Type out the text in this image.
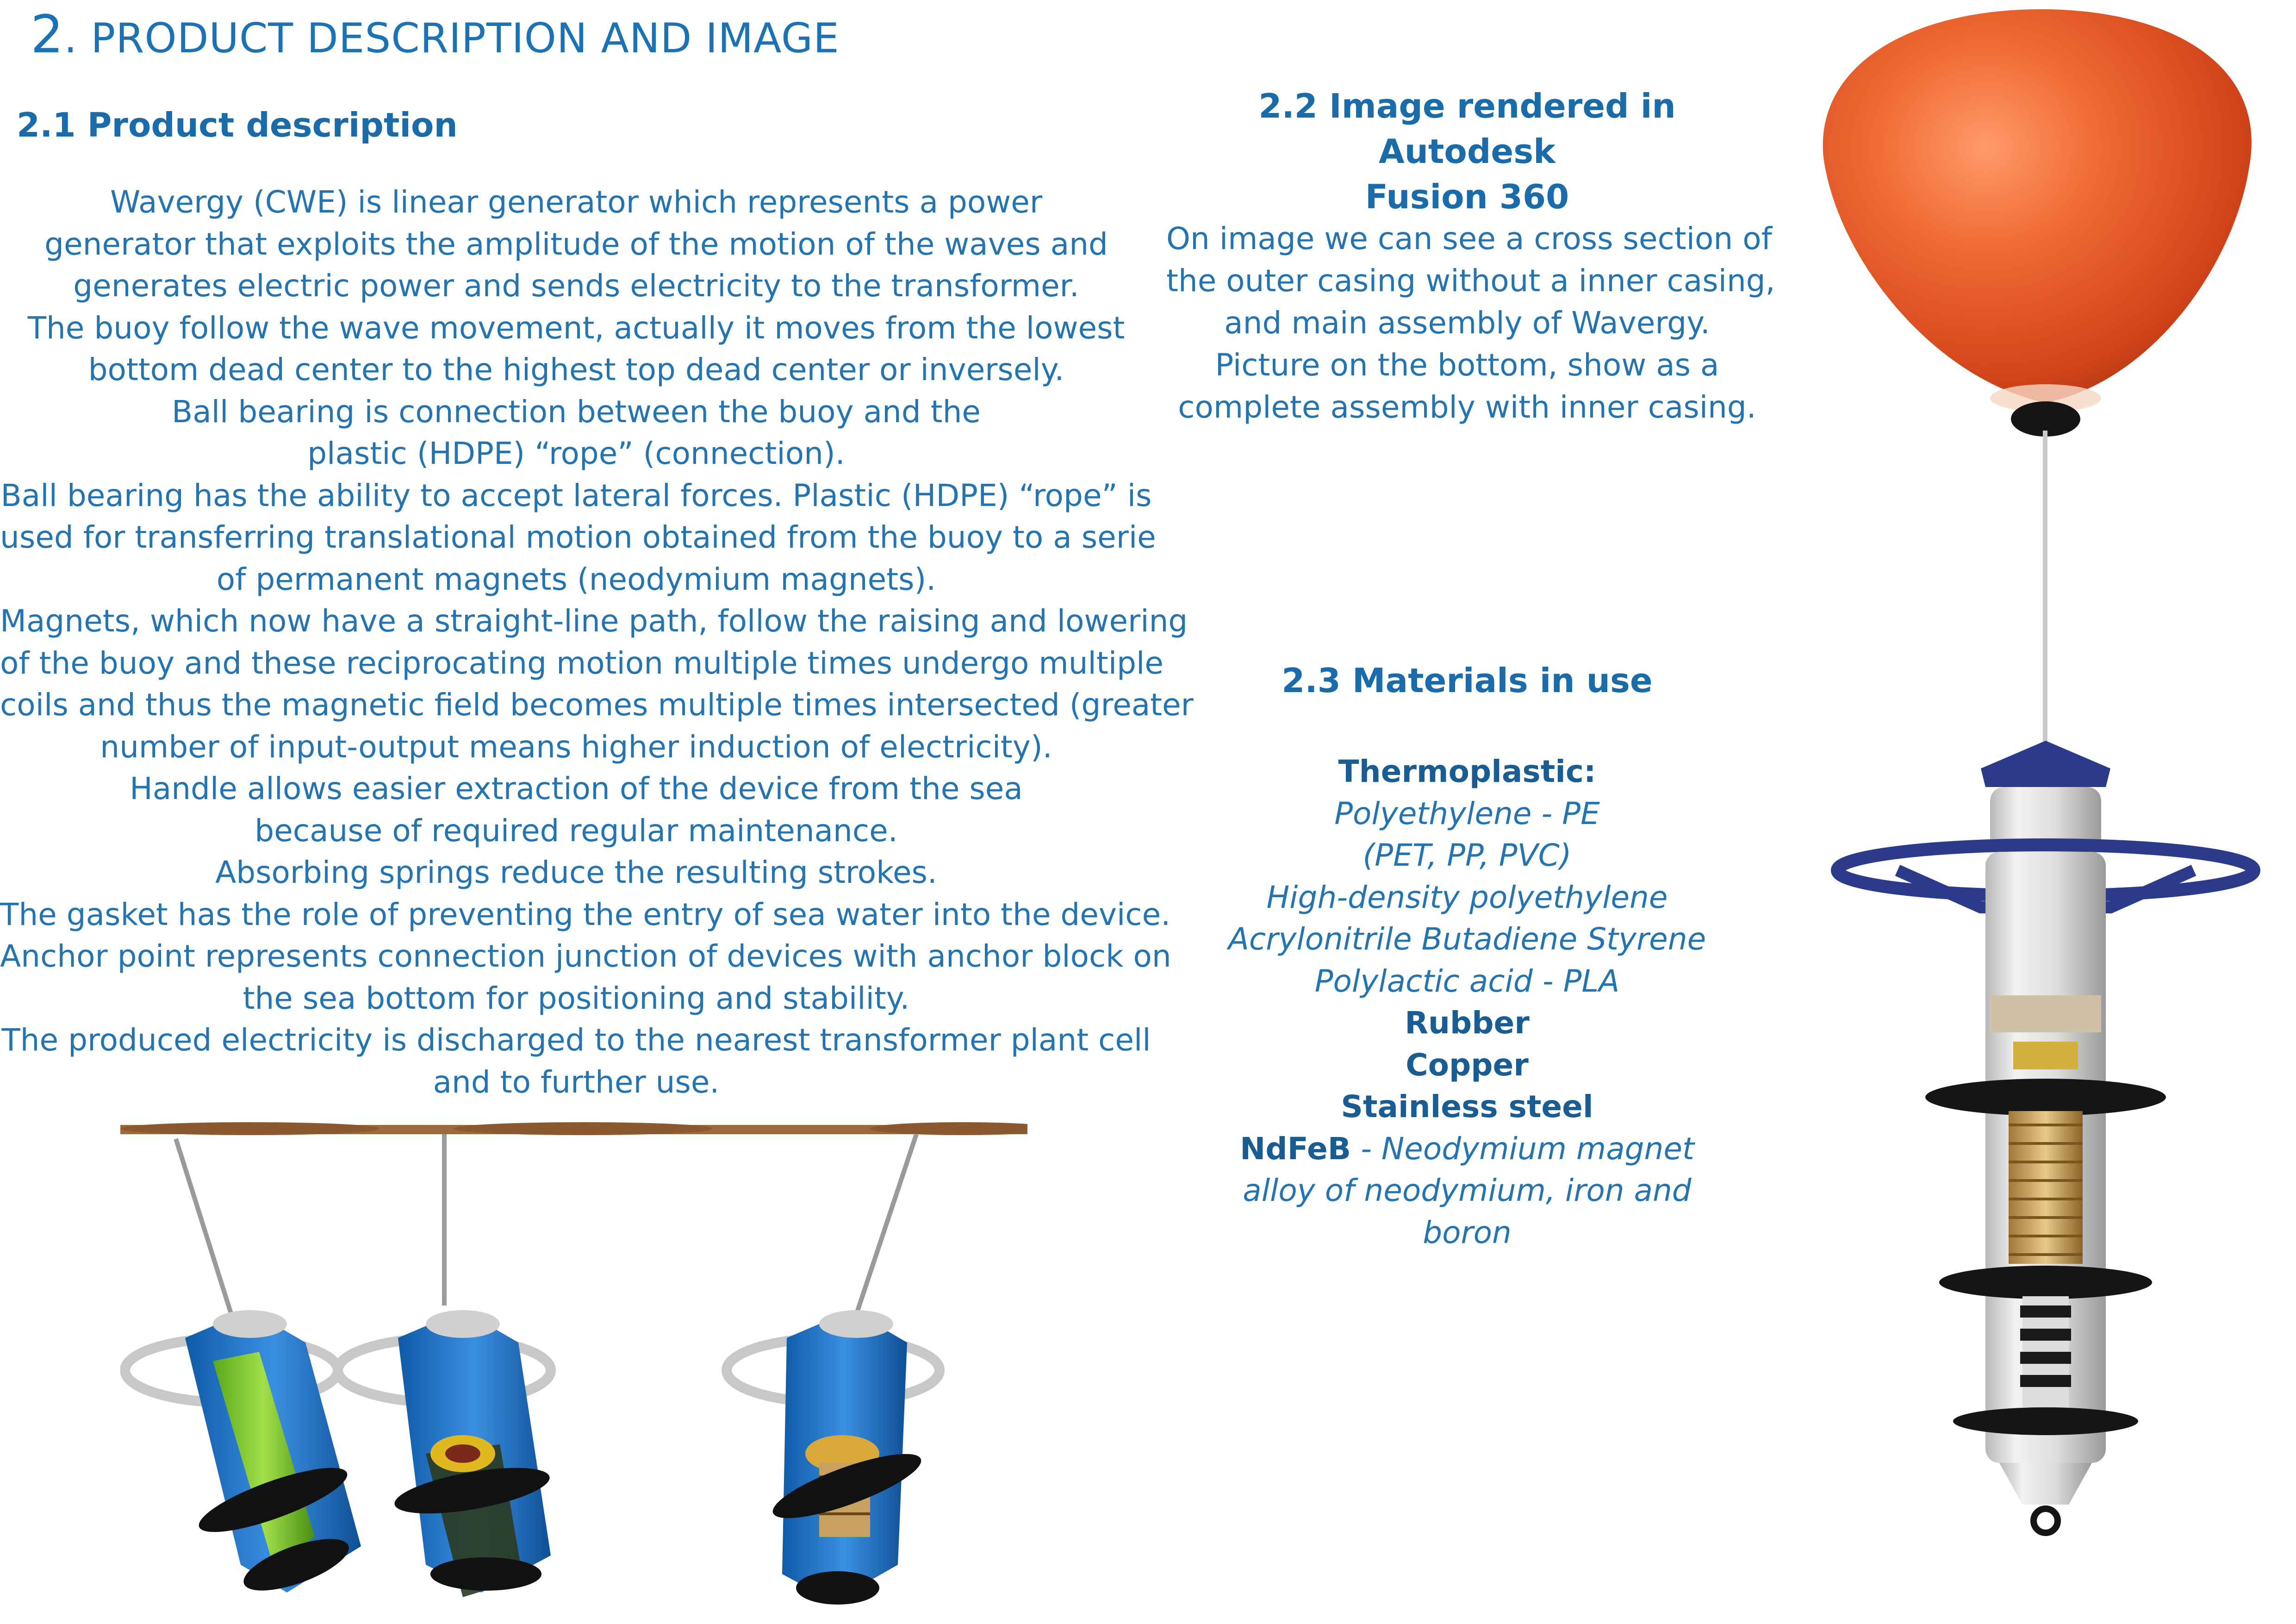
2. PRODUCT DESCRIPTION AND IMAGE
2.1 Product description
Wavergy (CWE) is linear generator which represents a power
generator that exploits the amplitude of the motion of the waves and
generates electric power and sends electricity to the transformer.
The buoy follow the wave movement, actually it moves from the lowest
bottom dead center to the highest top dead center or inversely.
Ball bearing is connection between the buoy and the
plastic (HDPE) “rope” (connection).
Ball bearing has the ability to accept lateral forces. Plastic (HDPE) “rope” is
used for transferring translational motion obtained from the buoy to a serie
of permanent magnets (neodymium magnets).
Magnets, which now have a straight-line path, follow the raising and lowering
of the buoy and these reciprocating motion multiple times undergo multiple
coils and thus the magnetic field becomes multiple times intersected (greater
number of input-output means higher induction of electricity).
Handle allows easier extraction of the device from the sea
because of required regular maintenance.
Absorbing springs reduce the resulting strokes.
The gasket has the role of preventing the entry of sea water into the device.
Anchor point represents connection junction of devices with anchor block on
the sea bottom for positioning and stability.
The produced electricity is discharged to the nearest transformer plant cell
and to further use.
2.2 Image rendered in Autodesk
Fusion 360
On image we can see a cross section of
the outer casing without a inner casing,
and main assembly of Wavergy.
Picture on the bottom, show as a
complete assembly with inner casing.
2.3 Materials in use
Thermoplastic:
Polyethylene - PE
(PET, PP, PVC)
High-density polyethylene
Acrylonitrile Butadiene Styrene
Polylactic acid - PLA
Rubber
Copper
Stainless steel
NdFeB - Neodymium magnet
alloy of neodymium, iron and
boron
